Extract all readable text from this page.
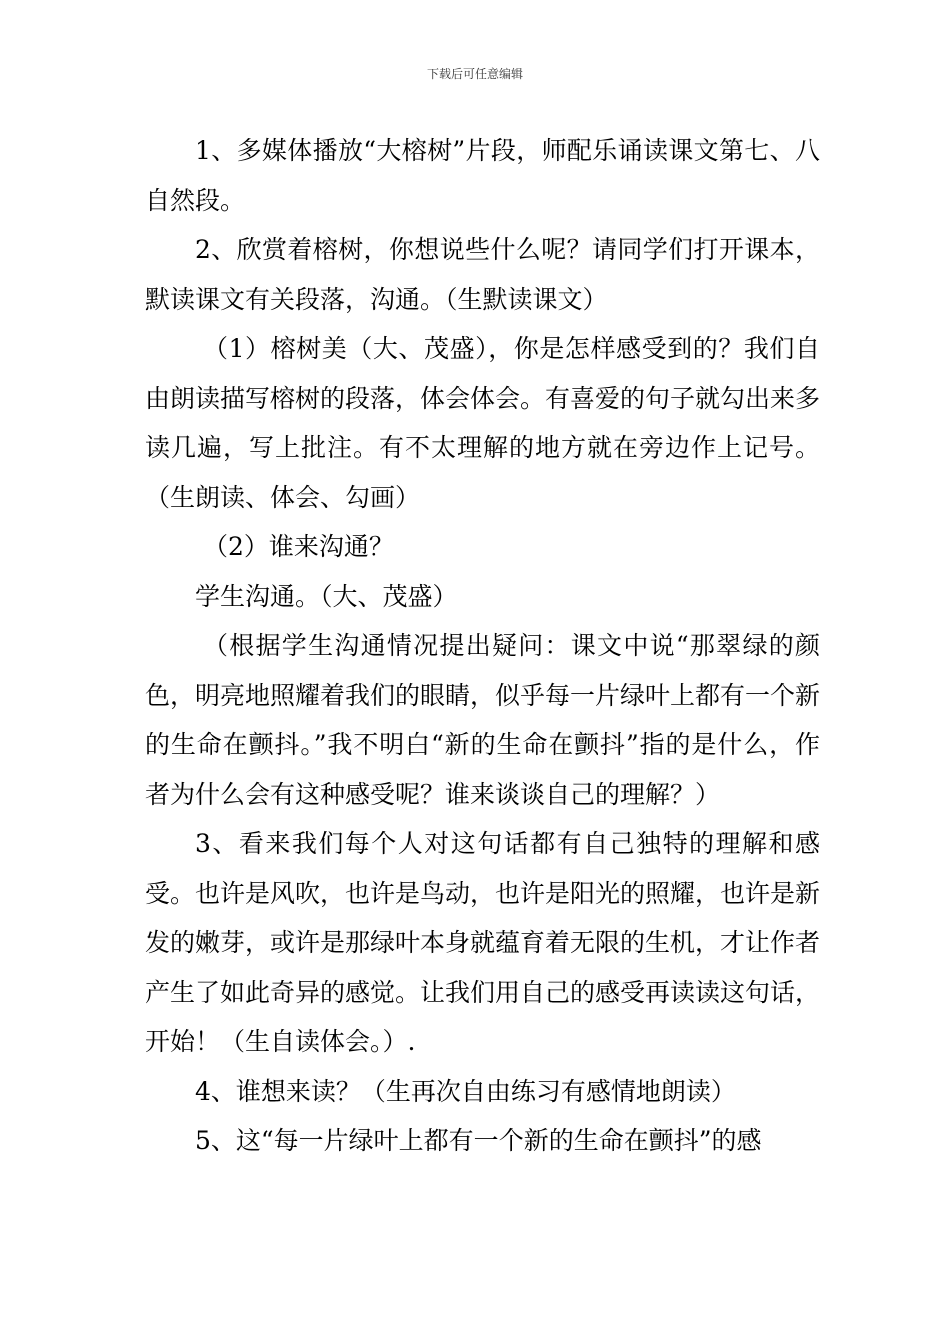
下载后可任意编辑

1、多媒体播放“大榕树”片段，师配乐诵读课文第七、八自然段。

2、欣赏着榕树，你想说些什么呢？请同学们打开课本，默读课文有关段落，沟通。（生默读课文）

（1）榕树美（大、茂盛），你是怎样感受到的？我们自由朗读描写榕树的段落，体会体会。有喜爱的句子就勾出来多读几遍，写上批注。有不太理解的地方就在旁边作上记号。（生朗读、体会、勾画）

（2）谁来沟通？

学生沟通。（大、茂盛）

（根据学生沟通情况提出疑问：课文中说“那翠绿的颜色，明亮地照耀着我们的眼睛，似乎每一片绿叶上都有一个新的生命在颤抖。”我不明白“新的生命在颤抖”指的是什么，作者为什么会有这种感受呢？谁来谈谈自己的理解？）

3、看来我们每个人对这句话都有自己独特的理解和感受。也许是风吹，也许是鸟动，也许是阳光的照耀，也许是新发的嫩芽，或许是那绿叶本身就蕴育着无限的生机，才让作者产生了如此奇异的感觉。让我们用自己的感受再读读这句话，开始！（生自读体会。）.

4、谁想来读？（生再次自由练习有感情地朗读）

5、这“每一片绿叶上都有一个新的生命在颤抖”的感
